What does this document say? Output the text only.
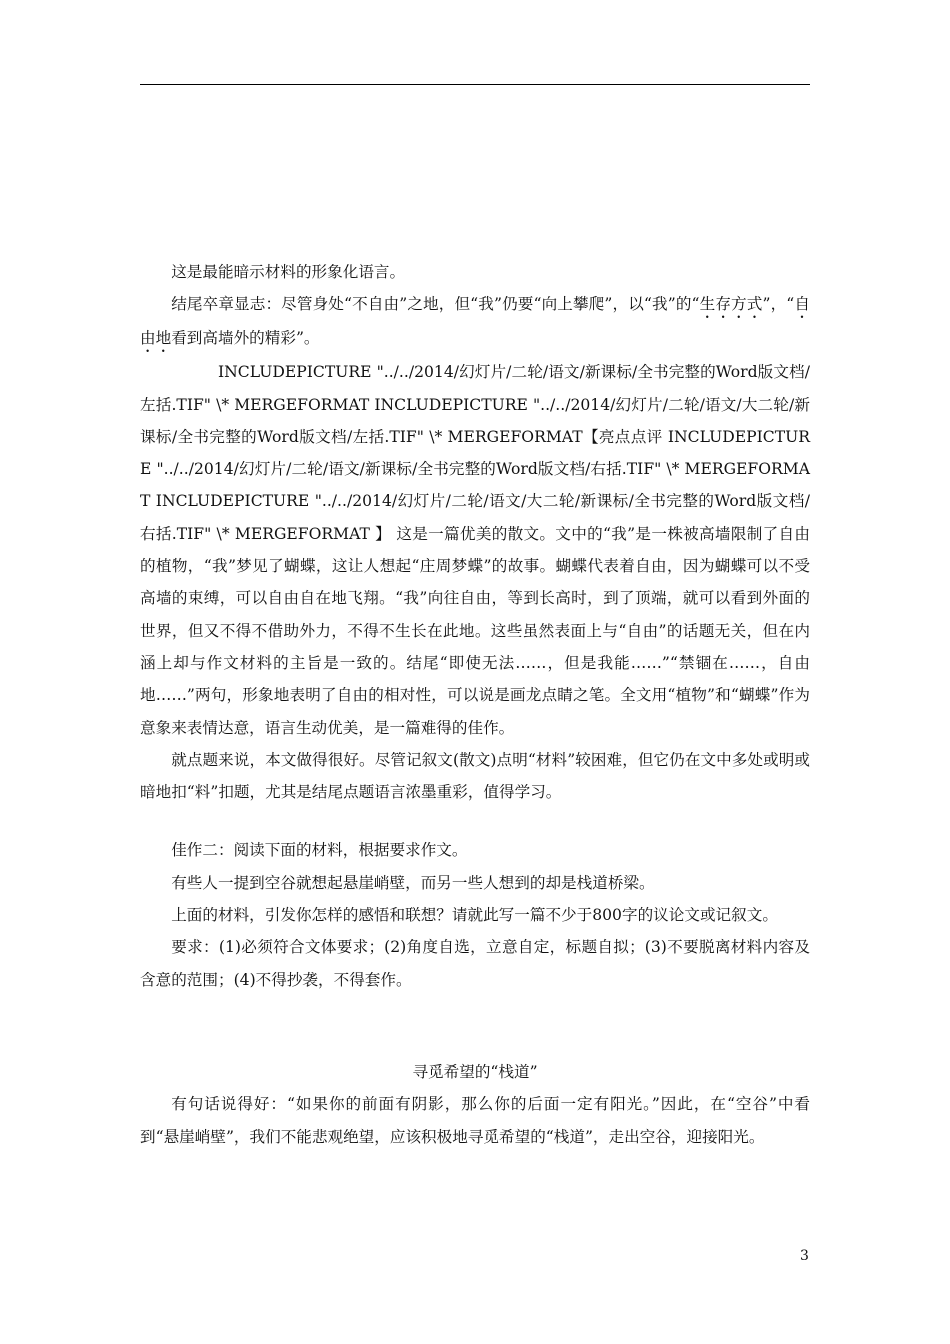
这是最能暗示材料的形象化语言。

结尾卒章显志：尽管身处“不自由”之地，但“我”仍要“向上攀爬”，以“我”的“生存方式”，“自由地看到高墙外的精彩”。

INCLUDEPICTURE "../../2014/幻灯片/二轮/语文/新课标/全书完整的Word版文档/左括.TIF" \* MERGEFORMAT INCLUDEPICTURE "../../2014/幻灯片/二轮/语文/大二轮/新课标/全书完整的Word版文档/左括.TIF" \* MERGEFORMAT【亮点点评 INCLUDEPICTURE "../../2014/幻灯片/二轮/语文/新课标/全书完整的Word版文档/右括.TIF" \* MERGEFORMAT INCLUDEPICTURE "../../2014/幻灯片/二轮/语文/大二轮/新课标/全书完整的Word版文档/右括.TIF" \* MERGEFORMAT 】 这是一篇优美的散文。文中的“我”是一株被高墙限制了自由的植物，“我”梦见了蝴蝶，这让人想起“庄周梦蝶”的故事。蝴蝶代表着自由，因为蝴蝶可以不受高墙的束缚，可以自由自在地飞翔。“我”向往自由，等到长高时，到了顶端，就可以看到外面的世界，但又不得不借助外力，不得不生长在此地。这些虽然表面上与“自由”的话题无关，但在内涵上却与作文材料的主旨是一致的。结尾“即使无法……，但是我能……”“禁锢在……，自由地……”两句，形象地表明了自由的相对性，可以说是画龙点睛之笔。全文用“植物”和“蝴蝶”作为意象来表情达意，语言生动优美，是一篇难得的佳作。

就点题来说，本文做得很好。尽管记叙文(散文)点明“材料”较困难，但它仍在文中多处或明或暗地扣“料”扣题，尤其是结尾点题语言浓墨重彩，值得学习。

佳作二：阅读下面的材料，根据要求作文。

有些人一提到空谷就想起悬崖峭壁，而另一些人想到的却是栈道桥梁。

上面的材料，引发你怎样的感悟和联想？请就此写一篇不少于800字的议论文或记叙文。

要求：(1)必须符合文体要求；(2)角度自选，立意自定，标题自拟；(3)不要脱离材料内容及含意的范围；(4)不得抄袭，不得套作。

寻觅希望的“栈道”

有句话说得好：“如果你的前面有阴影，那么你的后面一定有阳光。”因此，在“空谷”中看到“悬崖峭壁”，我们不能悲观绝望，应该积极地寻觅希望的“栈道”，走出空谷，迎接阳光。

3
